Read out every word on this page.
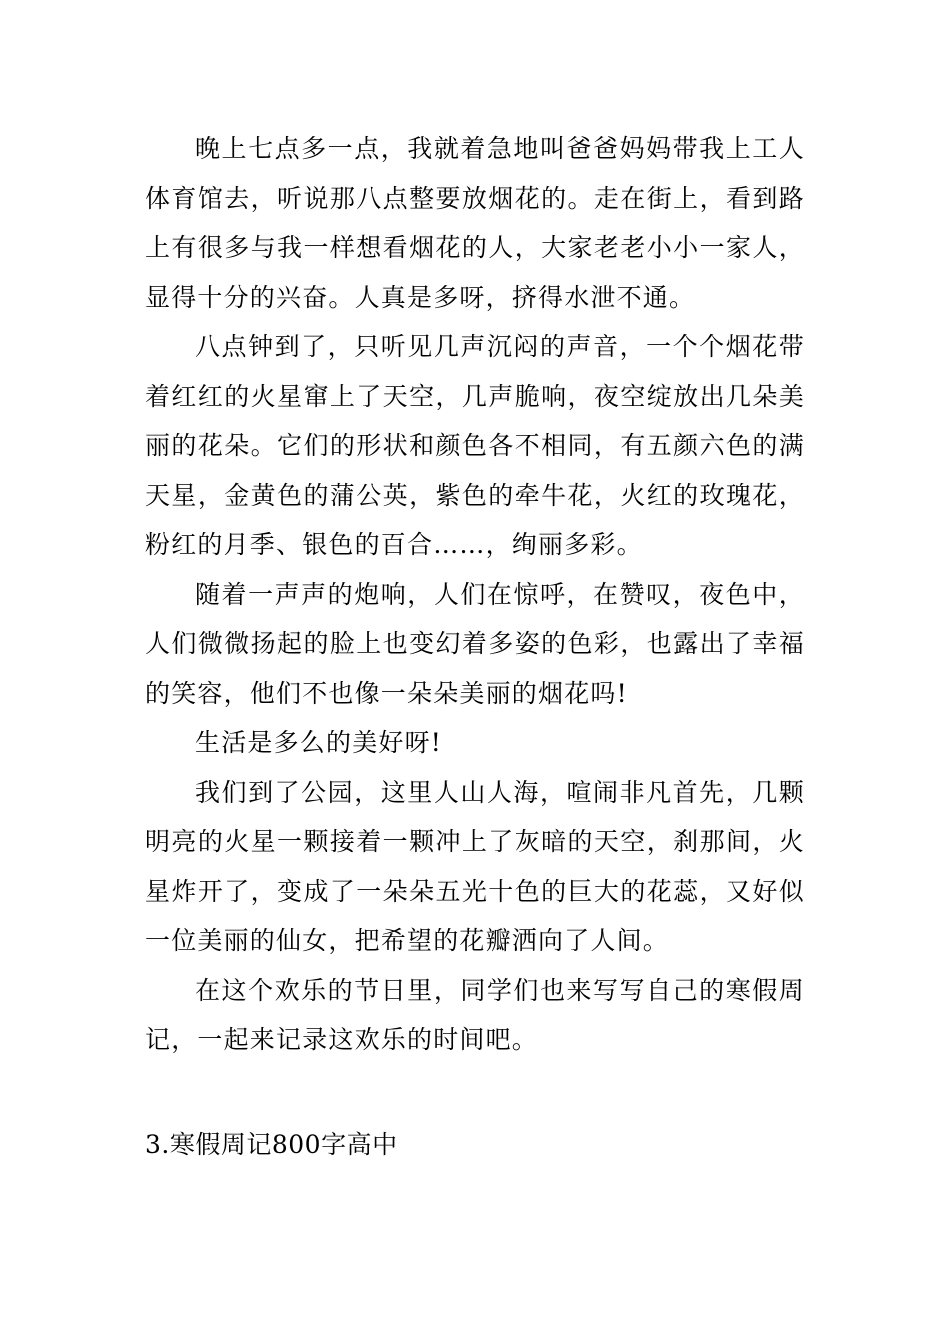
晚上七点多一点，我就着急地叫爸爸妈妈带我上工人体育馆去，听说那八点整要放烟花的。走在街上，看到路上有很多与我一样想看烟花的人，大家老老小小一家人，显得十分的兴奋。人真是多呀，挤得水泄不通。

八点钟到了，只听见几声沉闷的声音，一个个烟花带着红红的火星窜上了天空，几声脆响，夜空绽放出几朵美丽的花朵。它们的形状和颜色各不相同，有五颜六色的满天星，金黄色的蒲公英，紫色的牵牛花，火红的玫瑰花，粉红的月季、银色的百合……，绚丽多彩。

随着一声声的炮响，人们在惊呼，在赞叹，夜色中，人们微微扬起的脸上也变幻着多姿的色彩，也露出了幸福的笑容，他们不也像一朵朵美丽的烟花吗!

生活是多么的美好呀!

我们到了公园，这里人山人海，喧闹非凡首先，几颗明亮的火星一颗接着一颗冲上了灰暗的天空，刹那间，火星炸开了，变成了一朵朵五光十色的巨大的花蕊，又好似一位美丽的仙女，把希望的花瓣洒向了人间。

在这个欢乐的节日里，同学们也来写写自己的寒假周记，一起来记录这欢乐的时间吧。

3.寒假周记800字高中
